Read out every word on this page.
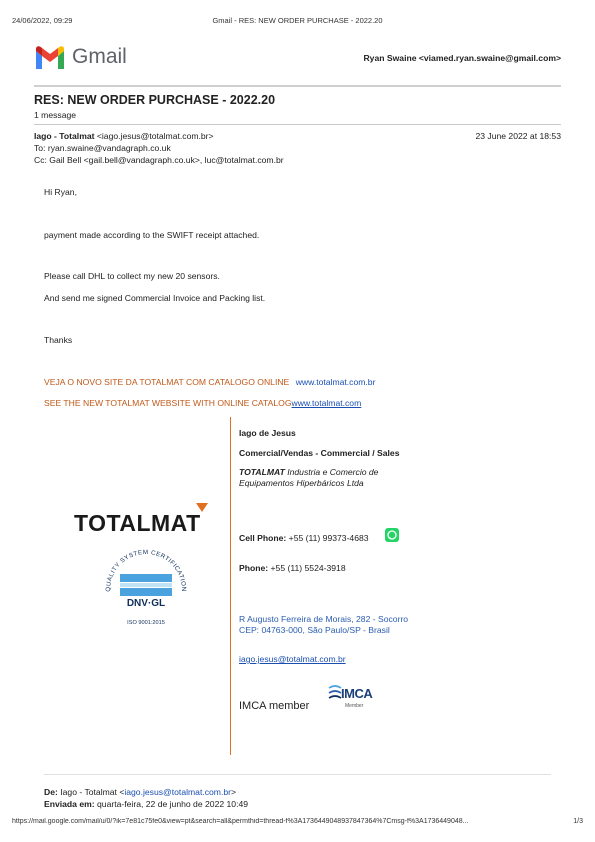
24/06/2022, 09:29	Gmail - RES: NEW ORDER PURCHASE - 2022.20
Gmail	Ryan Swaine <viamed.ryan.swaine@gmail.com>
RES: NEW ORDER PURCHASE - 2022.20
1 message
Iago - Totalmat <iago.jesus@totalmat.com.br>	23 June 2022 at 18:53
To: ryan.swaine@vandagraph.co.uk
Cc: Gail Bell <gail.bell@vandagraph.co.uk>, luc@totalmat.com.br
Hi Ryan,
payment made according to the SWIFT receipt attached.
Please call DHL to collect my new 20 sensors.
And send me signed Commercial Invoice and Packing list.
Thanks
VEJA O NOVO SITE DA TOTALMAT COM CATALOGO ONLINE www.totalmat.com.br
SEE THE NEW TOTALMAT WEBSITE WITH ONLINE CATALOGwww.totalmat.com
TOTALMAT
QUALITY SYSTEM CERTIFICATION
DNV·GL
ISO 9001:2015
Iago de Jesus
Comercial/Vendas - Commercial / Sales
TOTALMAT Industria e Comercio de
Equipamentos Hiperbáricos Ltda
Cell Phone: +55 (11) 99373-4683
Phone: +55 (11) 5524-3918
R Augusto Ferreira de Morais, 282 - Socorro
CEP: 04763-000, São Paulo/SP - Brasil
iago.jesus@totalmat.com.br
IMCA member
IMCA
Member
De: Iago - Totalmat <iago.jesus@totalmat.com.br>
Enviada em: quarta-feira, 22 de junho de 2022 10:49
https://mail.google.com/mail/u/0/?ik=7e81c75fe0&view=pt&search=all&permthid=thread-f%3A1736449048937847364%7Cmsg-f%3A1736449048...	1/3
